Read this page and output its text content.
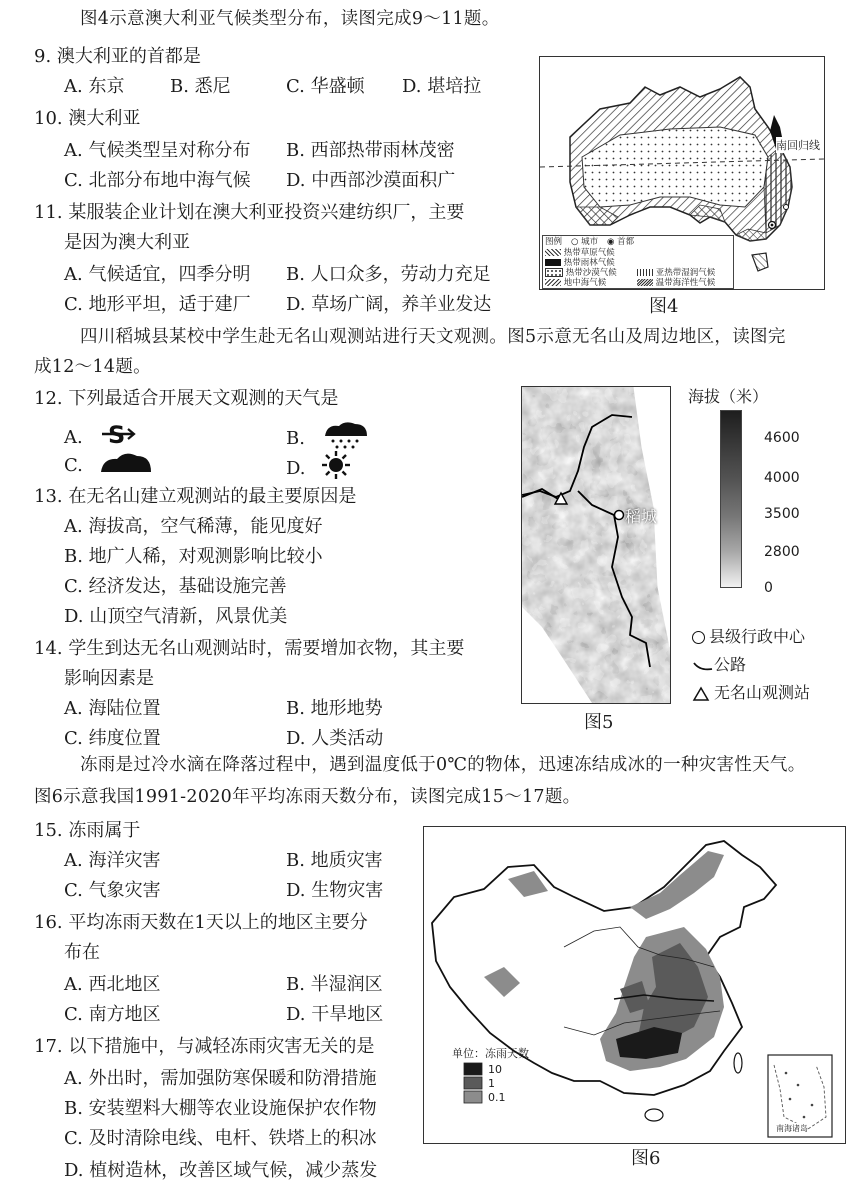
图4示意澳大利亚气候类型分布，读图完成9～11题。
9. 澳大利亚的首都是
A. 东京	B. 悉尼	C. 华盛顿 D. 堪培拉
10. 澳大利亚
A. 气候类型呈对称分布 B. 西部热带雨林茂密
C. 北部分布地中海气候 D. 中西部沙漠面积广
11. 某服装企业计划在澳大利亚投资兴建纺织厂，主要
是因为澳大利亚
A. 气候适宜，四季分明 B. 人口众多，劳动力充足
C. 地形平坦，适于建厂 D. 草场广阔，养羊业发达
南回归线
图例 ○ 城市 ◉ 首都
热带草原气候
热带雨林气候
热带沙漠气候	亚热带湿润气候
地中海气候	温带海洋性气候
图4
四川稻城县某校中学生赴无名山观测站进行天文观测。图5示意无名山及周边地区，读图完
成12～14题。
12. 下列最适合开展天文观测的天气是
A. S	B.
C.	D.
13. 在无名山建立观测站的最主要原因是
A. 海拔高，空气稀薄，能见度好
B. 地广人稀，对观测影响比较小
C. 经济发达，基础设施完善
D. 山顶空气清新，风景优美
14. 学生到达无名山观测站时，需要增加衣物，其主要
影响因素是
A. 海陆位置	B. 地形地势
C. 纬度位置	D. 人类活动
稻城
海拔（米）
4600
4000
3500
2800
0
县级行政中心
公路
无名山观测站
图5
冻雨是过冷水滴在降落过程中，遇到温度低于0℃的物体，迅速冻结成冰的一种灾害性天气。
图6示意我国1991-2020年平均冻雨天数分布，读图完成15～17题。
15. 冻雨属于
A. 海洋灾害	B. 地质灾害
C. 气象灾害	D. 生物灾害
16. 平均冻雨天数在1天以上的地区主要分
布在
A. 西北地区	B. 半湿润区
C. 南方地区	D. 干旱地区
17. 以下措施中，与减轻冻雨灾害无关的是
A. 外出时，需加强防寒保暖和防滑措施
B. 安装塑料大棚等农业设施保护农作物
C. 及时清除电线、电杆、铁塔上的积冰
D. 植树造林，改善区域气候，减少蒸发
单位：冻雨天数
10
1
0.1
南海诸岛
图6
